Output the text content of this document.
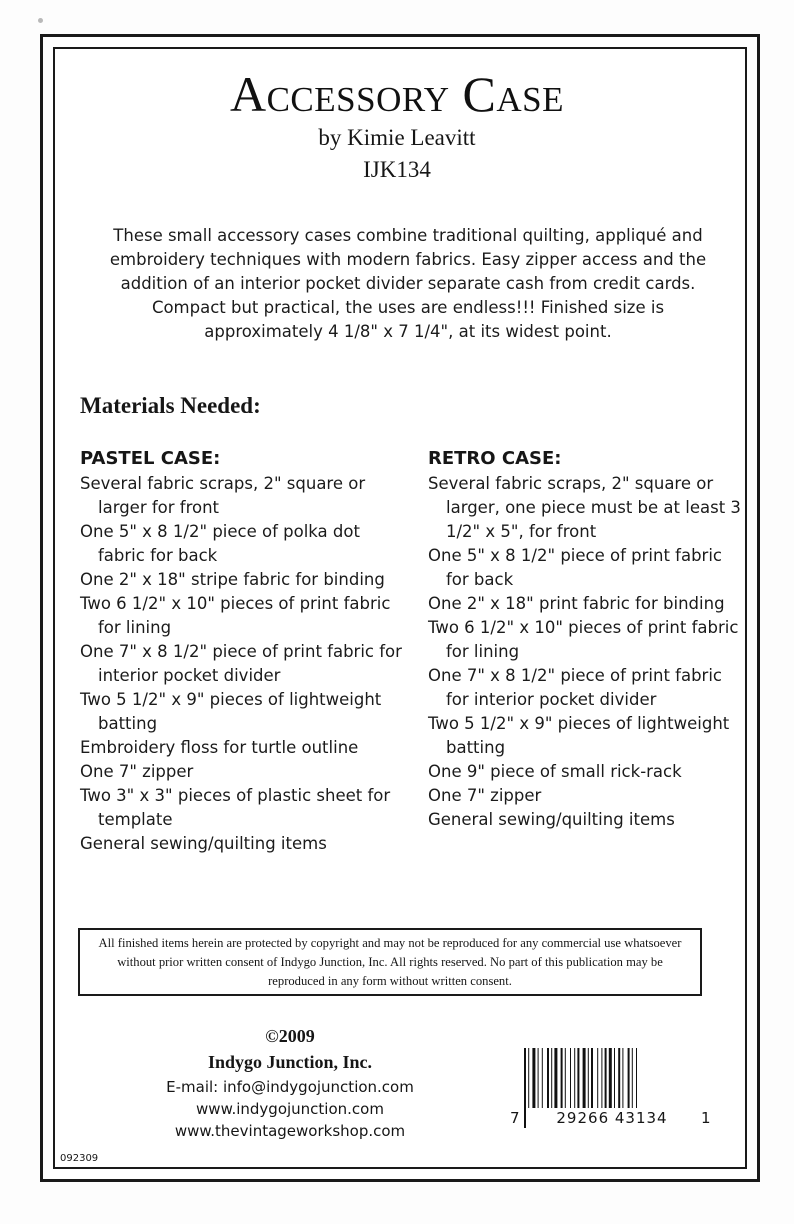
Accessory Case
by Kimie Leavitt
IJK134

These small accessory cases combine traditional quilting, appliqué and embroidery techniques with modern fabrics. Easy zipper access and the addition of an interior pocket divider separate cash from credit cards. Compact but practical, the uses are endless!!! Finished size is approximately 4 1/8" x 7 1/4", at its widest point.

Materials Needed:
PASTEL CASE:
Several fabric scraps, 2" square or larger for front
One 5" x 8 1/2" piece of polka dot fabric for back
One 2" x 18" stripe fabric for binding
Two 6 1/2" x 10" pieces of print fabric for lining
One 7" x 8 1/2" piece of print fabric for interior pocket divider
Two 5 1/2" x 9" pieces of lightweight batting
Embroidery floss for turtle outline
One 7" zipper
Two 3" x 3" pieces of plastic sheet for template
General sewing/quilting items
RETRO CASE:
Several fabric scraps, 2" square or larger, one piece must be at least 3 1/2" x 5", for front
One 5" x 8 1/2" piece of print fabric for back
One 2" x 18" print fabric for binding
Two 6 1/2" x 10" pieces of print fabric for lining
One 7" x 8 1/2" piece of print fabric for interior pocket divider
Two 5 1/2" x 9" pieces of lightweight batting
One 9" piece of small rick-rack
One 7" zipper
General sewing/quilting items

All finished items herein are protected by copyright and may not be reproduced for any commercial use whatsoever without prior written consent of Indygo Junction, Inc. All rights reserved. No part of this publication may be reproduced in any form without written consent.

©2009
Indygo Junction, Inc.
E-mail: info@indygojunction.com
www.indygojunction.com
www.thevintageworkshop.com
092309
7	29266 43134	1
